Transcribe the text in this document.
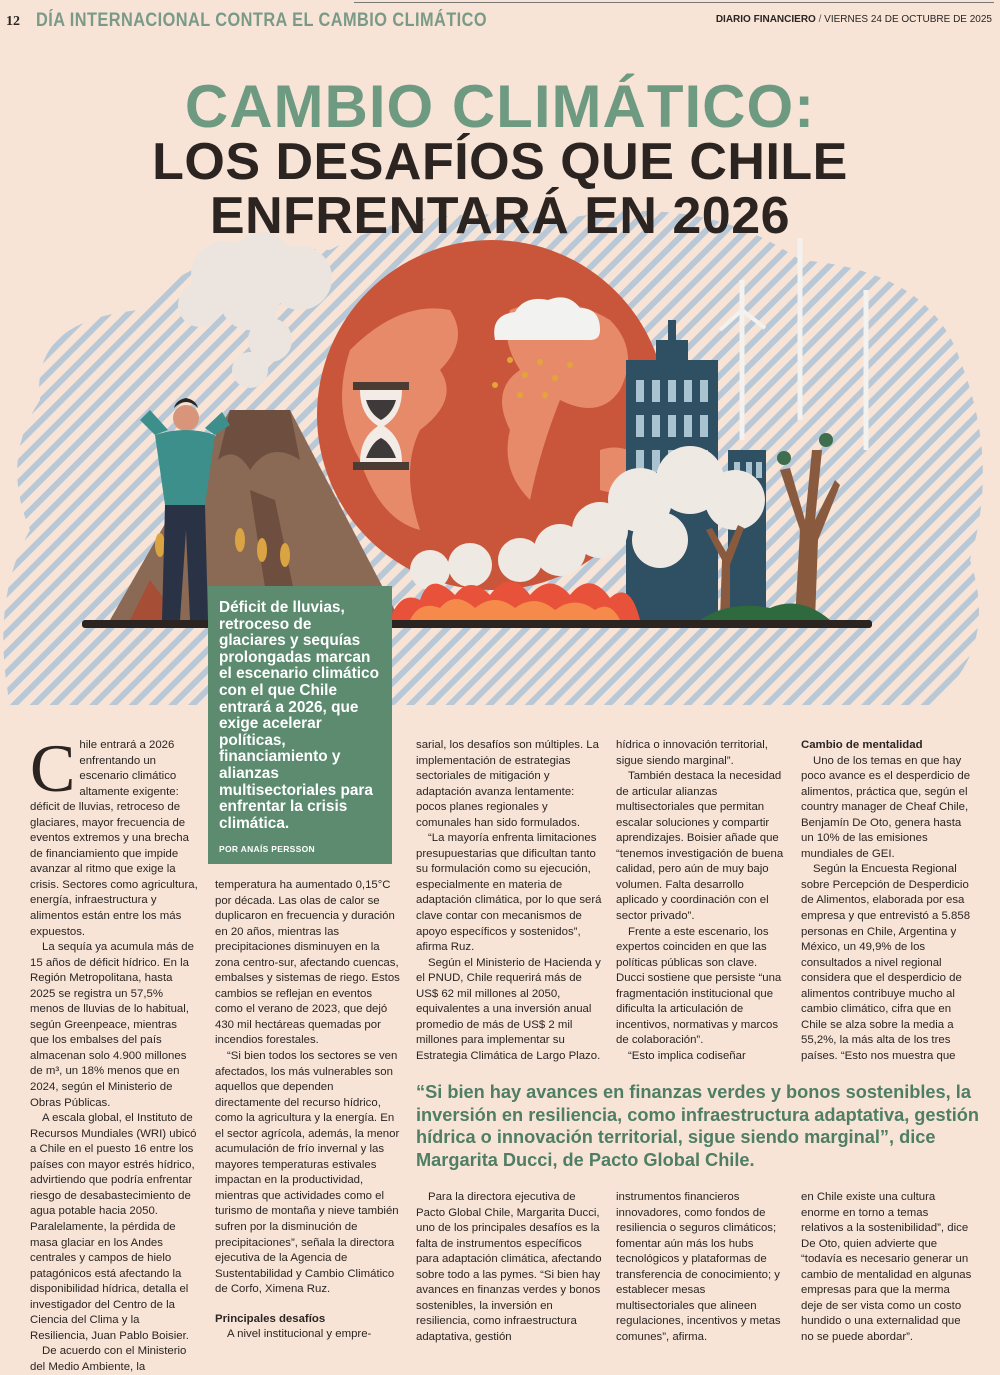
12 DÍA INTERNACIONAL CONTRA EL CAMBIO CLIMÁTICO	DIARIO FINANCIERO / VIERNES 24 DE OCTUBRE DE 2025
CAMBIO CLIMÁTICO:
LOS DESAFÍOS QUE CHILE
ENFRENTARÁ EN 2026
Déficit de lluvias, retroceso de glaciares y sequías prolongadas marcan el escenario climático con el que Chile entrará a 2026, que exige acelerar políticas, financiamiento y alianzas multisectoriales para enfrentar la crisis climática.
POR ANAÍS PERSSON
C hile entrará a 2026 enfrentando un escenario climático altamente exigente: déficit de lluvias, retroceso de glaciares, mayor frecuencia de eventos extremos y una brecha de financiamiento que impide avanzar al ritmo que exige la crisis. Sectores como agricultura, energía, infraestructura y alimentos están entre los más expuestos.

La sequía ya acumula más de 15 años de déficit hídrico. En la Región Metropolitana, hasta 2025 se registra un 57,5% menos de lluvias de lo habitual, según Greenpeace, mientras que los embalses del país almacenan solo 4.900 millones de m³, un 18% menos que en 2024, según el Ministerio de Obras Públicas.

A escala global, el Instituto de Recursos Mundiales (WRI) ubicó a Chile en el puesto 16 entre los países con mayor estrés hídrico, advirtiendo que podría enfrentar riesgo de desabastecimiento de agua potable hacia 2050. Paralelamente, la pérdida de masa glaciar en los Andes centrales y campos de hielo patagónicos está afectando la disponibilidad hídrica, detalla el investigador del Centro de la Ciencia del Clima y la Resiliencia, Juan Pablo Boisier.

De acuerdo con el Ministerio del Medio Ambiente, la

temperatura ha aumentado 0,15°C por década. Las olas de calor se duplicaron en frecuencia y duración en 20 años, mientras las precipitaciones disminuyen en la zona centro-sur, afectando cuencas, embalses y sistemas de riego. Estos cambios se reflejan en eventos como el verano de 2023, que dejó 430 mil hectáreas quemadas por incendios forestales.

“Si bien todos los sectores se ven afectados, los más vulnerables son aquellos que dependen directamente del recurso hídrico, como la agricultura y la energía. En el sector agrícola, además, la menor acumulación de frío invernal y las mayores temperaturas estivales impactan en la productividad, mientras que actividades como el turismo de montaña y nieve también sufren por la disminución de precipitaciones”, señala la directora ejecutiva de la Agencia de Sustentabilidad y Cambio Climático de Corfo, Ximena Ruz.

Principales desafíos

A nivel institucional y empre-

sarial, los desafíos son múltiples. La implementación de estrategias sectoriales de mitigación y adaptación avanza lentamente: pocos planes regionales y comunales han sido formulados.

“La mayoría enfrenta limitaciones presupuestarias que dificultan tanto su formulación como su ejecución, especialmente en materia de adaptación climática, por lo que será clave contar con mecanismos de apoyo específicos y sostenidos”, afirma Ruz.

Según el Ministerio de Hacienda y el PNUD, Chile requerirá más de US$ 62 mil millones al 2050, equivalentes a una inversión anual promedio de más de US$ 2 mil millones para implementar su Estrategia Climática de Largo Plazo.

hídrica o innovación territorial, sigue siendo marginal”.

También destaca la necesidad de articular alianzas multisectoriales que permitan escalar soluciones y compartir aprendizajes. Boisier añade que “tenemos investigación de buena calidad, pero aún de muy bajo volumen. Falta desarrollo aplicado y coordinación con el sector privado”.

Frente a este escenario, los expertos coinciden en que las políticas públicas son clave. Ducci sostiene que persiste “una fragmentación institucional que dificulta la articulación de incentivos, normativas y marcos de colaboración”.

“Esto implica codiseñar

Cambio de mentalidad

Uno de los temas en que hay poco avance es el desperdicio de alimentos, práctica que, según el country manager de Cheaf Chile, Benjamín De Oto, genera hasta un 10% de las emisiones mundiales de GEI.

Según la Encuesta Regional sobre Percepción de Desperdicio de Alimentos, elaborada por esa empresa y que entrevistó a 5.858 personas en Chile, Argentina y México, un 49,9% de los consultados a nivel regional considera que el desperdicio de alimentos contribuye mucho al cambio climático, cifra que en Chile se alza sobre la media a 55,2%, la más alta de los tres países. “Esto nos muestra que

“Si bien hay avances en finanzas verdes y bonos sostenibles, la inversión en resiliencia, como infraestructura adaptativa, gestión hídrica o innovación territorial, sigue siendo marginal”, dice Margarita Ducci, de Pacto Global Chile.

Para la directora ejecutiva de Pacto Global Chile, Margarita Ducci, uno de los principales desafíos es la falta de instrumentos específicos para adaptación climática, afectando sobre todo a las pymes. “Si bien hay avances en finanzas verdes y bonos sostenibles, la inversión en resiliencia, como infraestructura adaptativa, gestión

instrumentos financieros innovadores, como fondos de resiliencia o seguros climáticos; fomentar aún más los hubs tecnológicos y plataformas de transferencia de conocimiento; y establecer mesas multisectoriales que alineen regulaciones, incentivos y metas comunes”, afirma.

en Chile existe una cultura enorme en torno a temas relativos a la sostenibilidad”, dice De Oto, quien advierte que “todavía es necesario generar un cambio de mentalidad en algunas empresas para que la merma deje de ser vista como un costo hundido o una externalidad que no se puede abordar”.
